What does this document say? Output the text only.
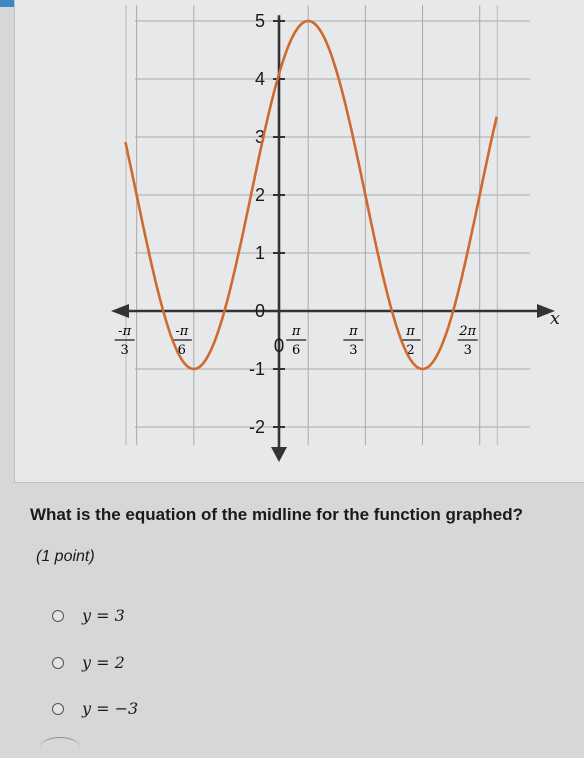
5
4
3
2
1
0
-1
-2
-π
3
-π
6	0
π
6
π
3
π
2
2π
3
x
What is the equation of the midline for the function graphed?
(1 point)
y = 3
y = 2
y = −3
